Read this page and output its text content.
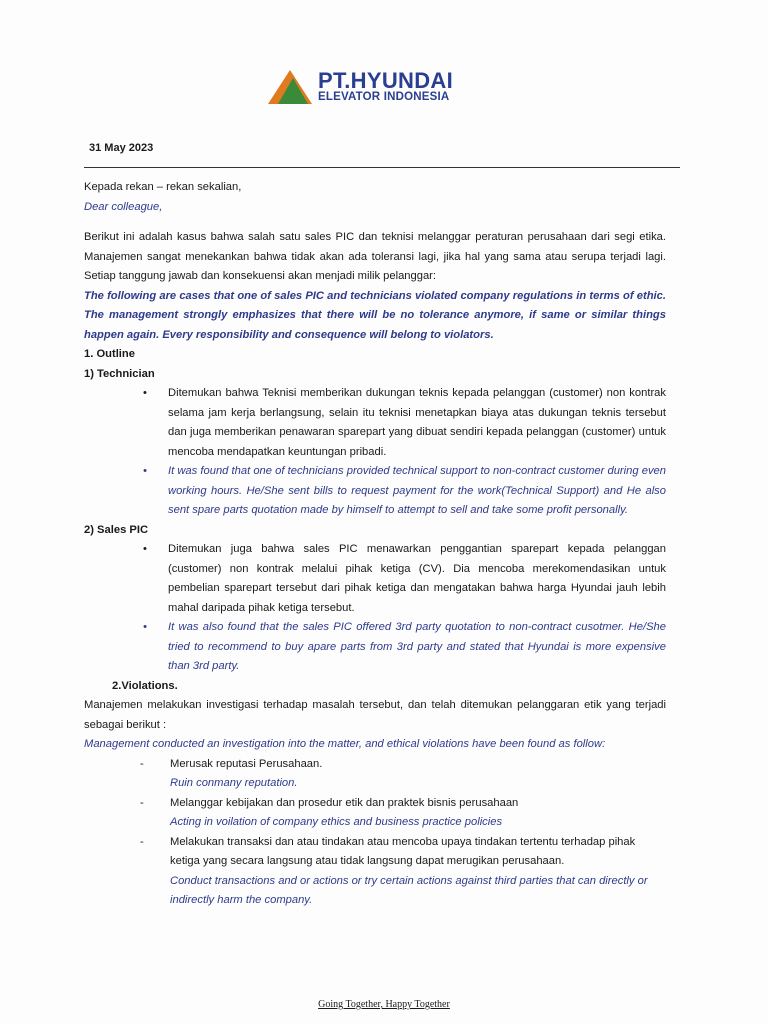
PT.HYUNDAI
ELEVATOR INDONESIA
31 May 2023

Kepada rekan – rekan sekalian,

Dear colleague,

Berikut ini adalah kasus bahwa salah satu sales PIC dan teknisi melanggar peraturan perusahaan dari segi etika. Manajemen sangat menekankan bahwa tidak akan ada toleransi lagi, jika hal yang sama atau serupa terjadi lagi. Setiap tanggung jawab dan konsekuensi akan menjadi milik pelanggar:

The following are cases that one of sales PIC and technicians violated company regulations in terms of ethic. The management strongly emphasizes that there will be no tolerance anymore, if same or similar things happen again. Every responsibility and consequence will belong to violators.

1. Outline

1) Technician

• Ditemukan bahwa Teknisi memberikan dukungan teknis kepada pelanggan (customer) non kontrak selama jam kerja berlangsung, selain itu teknisi menetapkan biaya atas dukungan teknis tersebut dan juga memberikan penawaran sparepart yang dibuat sendiri kepada pelanggan (customer) untuk mencoba mendapatkan keuntungan pribadi.
• It was found that one of technicians provided technical support to non-contract customer during even working hours. He/She sent bills to request payment for the work(Technical Support) and He also sent spare parts quotation made by himself to attempt to sell and take some profit personally.

2) Sales PIC

• Ditemukan juga bahwa sales PIC menawarkan penggantian sparepart kepada pelanggan (customer) non kontrak melalui pihak ketiga (CV). Dia mencoba merekomendasikan untuk pembelian sparepart tersebut dari pihak ketiga dan mengatakan bahwa harga Hyundai jauh lebih mahal daripada pihak ketiga tersebut.
• It was also found that the sales PIC offered 3rd party quotation to non-contract cusotmer. He/She tried to recommend to buy apare parts from 3rd party and stated that Hyundai is more expensive than 3rd party.

2.Violations.

Manajemen melakukan investigasi terhadap masalah tersebut, dan telah ditemukan pelanggaran etik yang terjadi sebagai berikut :

Management conducted an investigation into the matter, and ethical violations have been found as follow:

- Merusak reputasi Perusahaan.

Ruin conmany reputation.

- Melanggar kebijakan dan prosedur etik dan praktek bisnis perusahaan

Acting in voilation of company ethics and business practice policies

- Melakukan transaksi dan atau tindakan atau mencoba upaya tindakan tertentu terhadap pihak ketiga yang secara langsung atau tidak langsung dapat merugikan perusahaan.

Conduct transactions and or actions or try certain actions against third parties that can directly or indirectly harm the company.

Going Together, Happy Together
